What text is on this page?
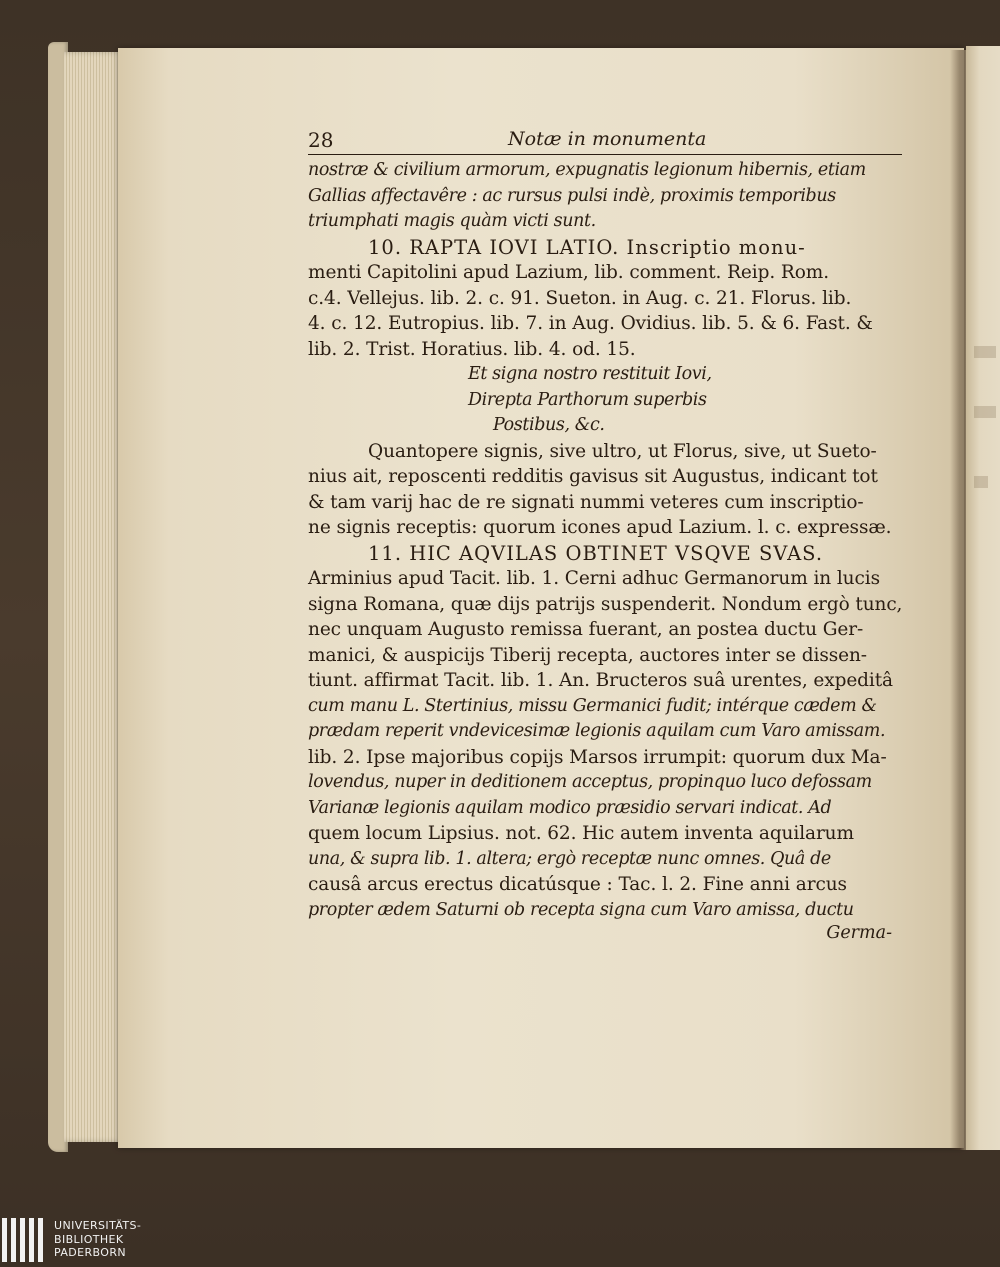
28	Notæ in monumenta
nostræ & civilium armorum, expugnatis legionum hibernis, etiam
Gallias affectavêre : ac rursus pulsi indè, proximis temporibus
triumphati magis quàm victi sunt.
10. RAPTA IOVI LATIO. Inscriptio monu-
menti Capitolini apud Lazium, lib. comment. Reip. Rom.
c.4. Vellejus. lib. 2. c. 91. Sueton. in Aug. c. 21. Florus. lib.
4. c. 12. Eutropius. lib. 7. in Aug. Ovidius. lib. 5. & 6. Fast. &
lib. 2. Trist. Horatius. lib. 4. od. 15.
Et signa nostro restituit Iovi,
Direpta Parthorum superbis
Postibus, &c.
Quantopere signis, sive ultro, ut Florus, sive, ut Sueto-
nius ait, reposcenti redditis gavisus sit Augustus, indicant tot
& tam varij hac de re signati nummi veteres cum inscriptio-
ne signis receptis: quorum icones apud Lazium. l. c. expressæ.
11. HIC AQVILAS OBTINET VSQVE SVAS.
Arminius apud Tacit. lib. 1. Cerni adhuc Germanorum in lucis
signa Romana, quæ dijs patrijs suspenderit. Nondum ergò tunc,
nec unquam Augusto remissa fuerant, an postea ductu Ger-
manici, & auspicijs Tiberij recepta, auctores inter se dissen-
tiunt. affirmat Tacit. lib. 1. An. Bructeros suâ urentes, expeditâ
cum manu L. Stertinius, missu Germanici fudit; intérque cædem &
prædam reperit vndevicesimæ legionis aquilam cum Varo amissam.
lib. 2. Ipse majoribus copijs Marsos irrumpit: quorum dux Ma-
lovendus, nuper in deditionem acceptus, propinquo luco defossam
Varianæ legionis aquilam modico præsidio servari indicat. Ad
quem locum Lipsius. not. 62. Hic autem inventa aquilarum
una, & supra lib. 1. altera; ergò receptæ nunc omnes. Quâ de
causâ arcus erectus dicatúsque : Tac. l. 2. Fine anni arcus
propter ædem Saturni ob recepta signa cum Varo amissa, ductu
Germa-
UNIVERSITÄTS-
BIBLIOTHEK
PADERBORN
